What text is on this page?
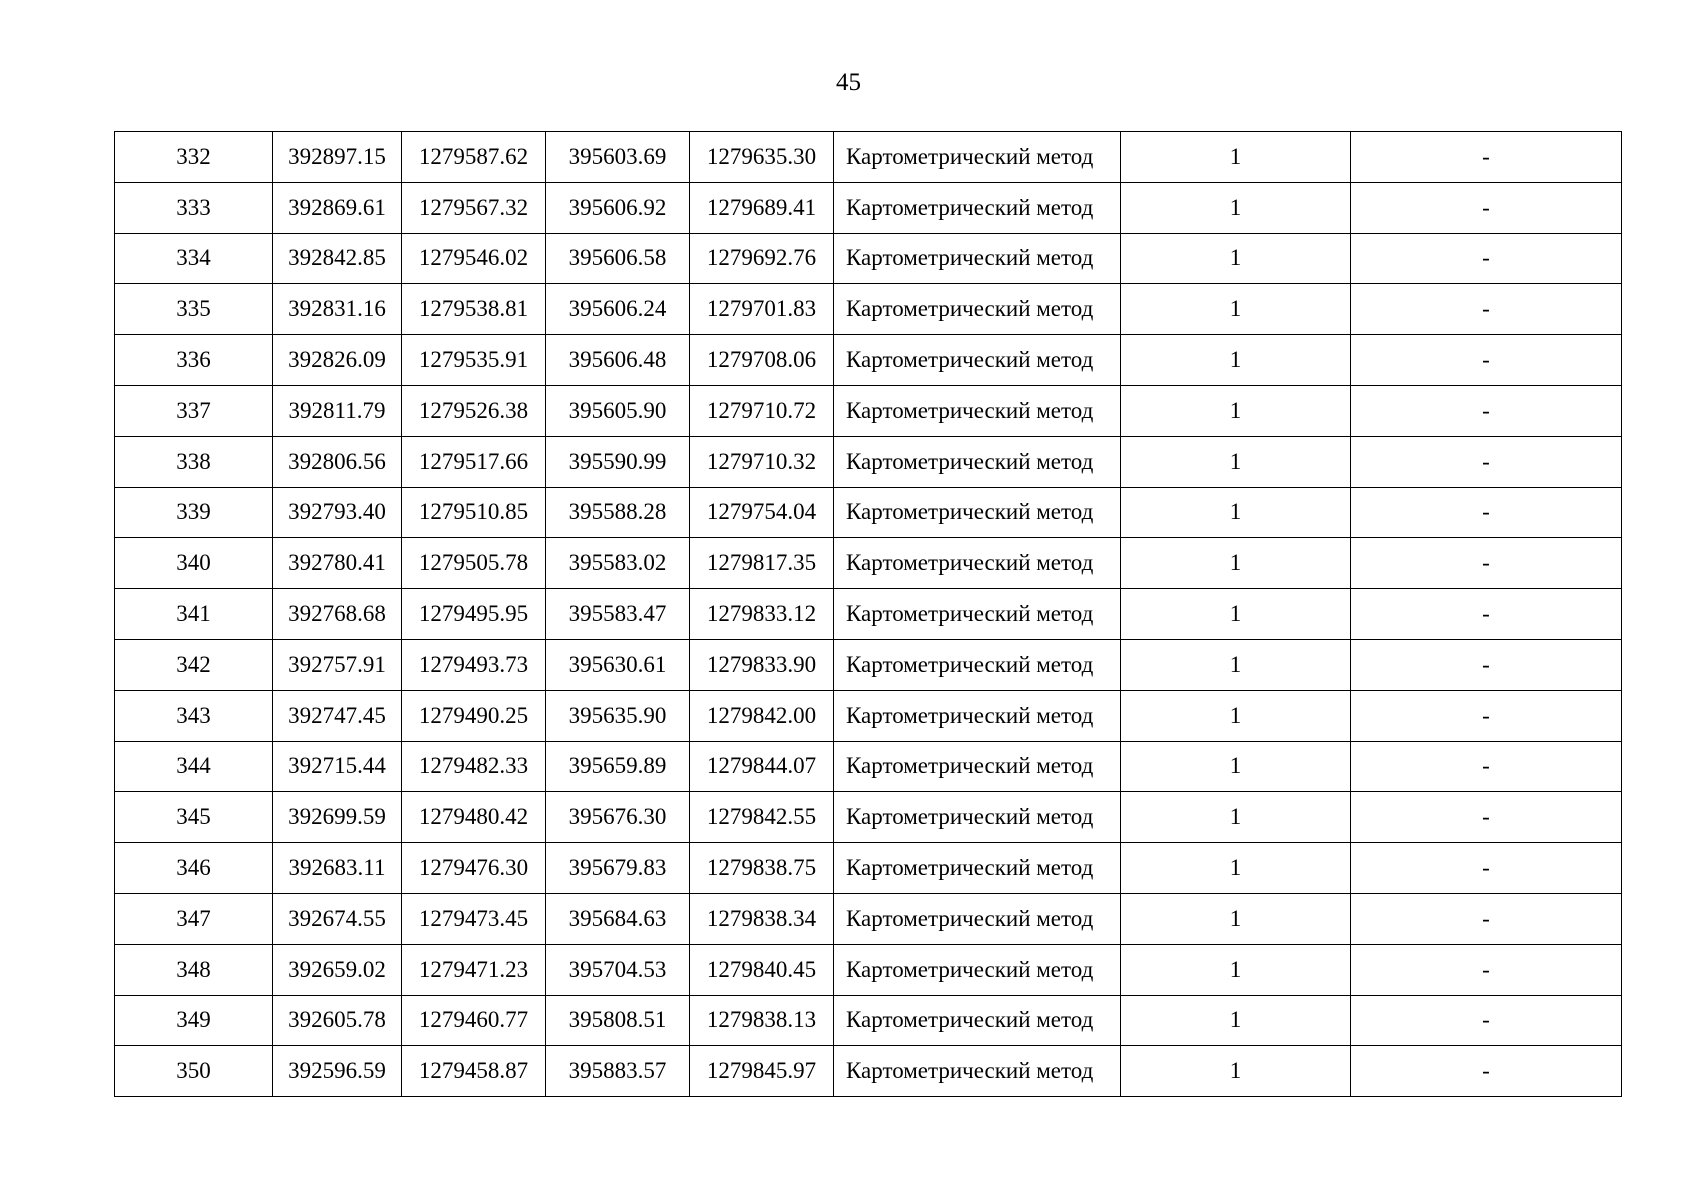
45
332	392897.15	1279587.62	395603.69	1279635.30	Картометрический метод	1	-
333	392869.61	1279567.32	395606.92	1279689.41	Картометрический метод	1	-
334	392842.85	1279546.02	395606.58	1279692.76	Картометрический метод	1	-
335	392831.16	1279538.81	395606.24	1279701.83	Картометрический метод	1	-
336	392826.09	1279535.91	395606.48	1279708.06	Картометрический метод	1	-
337	392811.79	1279526.38	395605.90	1279710.72	Картометрический метод	1	-
338	392806.56	1279517.66	395590.99	1279710.32	Картометрический метод	1	-
339	392793.40	1279510.85	395588.28	1279754.04	Картометрический метод	1	-
340	392780.41	1279505.78	395583.02	1279817.35	Картометрический метод	1	-
341	392768.68	1279495.95	395583.47	1279833.12	Картометрический метод	1	-
342	392757.91	1279493.73	395630.61	1279833.90	Картометрический метод	1	-
343	392747.45	1279490.25	395635.90	1279842.00	Картометрический метод	1	-
344	392715.44	1279482.33	395659.89	1279844.07	Картометрический метод	1	-
345	392699.59	1279480.42	395676.30	1279842.55	Картометрический метод	1	-
346	392683.11	1279476.30	395679.83	1279838.75	Картометрический метод	1	-
347	392674.55	1279473.45	395684.63	1279838.34	Картометрический метод	1	-
348	392659.02	1279471.23	395704.53	1279840.45	Картометрический метод	1	-
349	392605.78	1279460.77	395808.51	1279838.13	Картометрический метод	1	-
350	392596.59	1279458.87	395883.57	1279845.97	Картометрический метод	1	-
